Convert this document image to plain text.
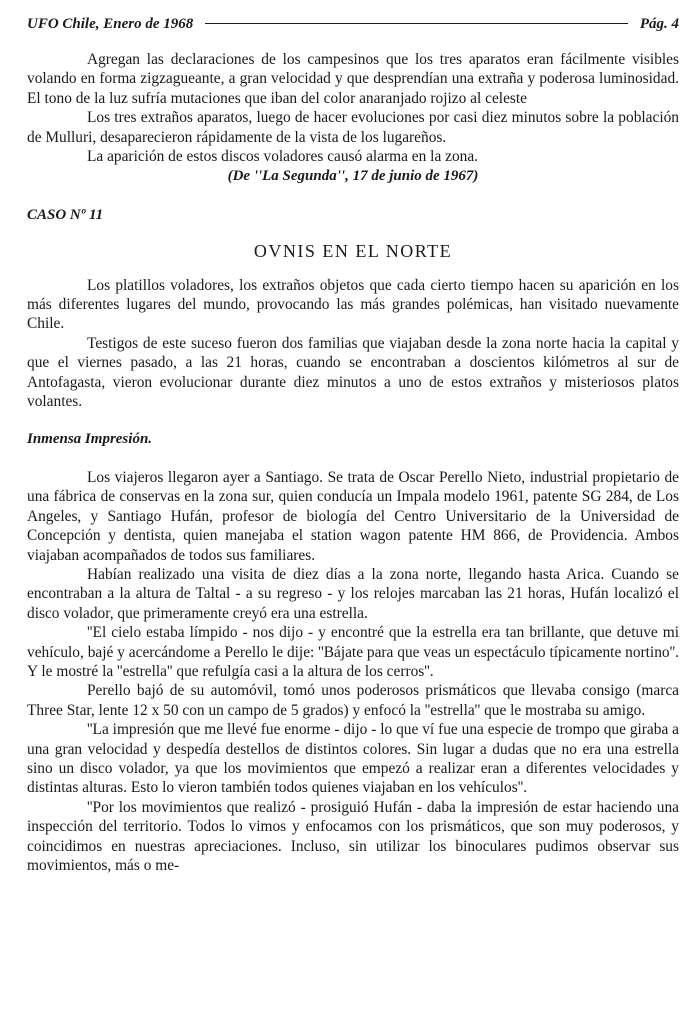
UFO Chile, Enero de 1968	Pág. 4

Agregan las declaraciones de los campesinos que los tres aparatos eran fácilmente visibles volando en forma zigzagueante, a gran velocidad y que desprendían una extraña y poderosa luminosidad. El tono de la luz sufría mutaciones que iban del color anaranjado rojizo al celeste

Los tres extraños aparatos, luego de hacer evoluciones por casi diez minutos sobre la población de Mulluri, desaparecieron rápidamente de la vista de los lugareños.

La aparición de estos discos voladores causó alarma en la zona.

(De ''La Segunda'', 17 de junio de 1967)

CASO Nº 11

OVNIS EN EL NORTE

Los platillos voladores, los extraños objetos que cada cierto tiempo hacen su aparición en los más diferentes lugares del mundo, provocando las más grandes polémicas, han visitado nuevamente Chile.

Testigos de este suceso fueron dos familias que viajaban desde la zona norte hacia la capital y que el viernes pasado, a las 21 horas, cuando se encontraban a doscientos kilómetros al sur de Antofagasta, vieron evolucionar durante diez minutos a uno de estos extraños y misteriosos platos volantes.

Inmensa Impresión.

Los viajeros llegaron ayer a Santiago. Se trata de Oscar Perello Nieto, industrial propietario de una fábrica de conservas en la zona sur, quien conducía un Impala modelo 1961, patente SG 284, de Los Angeles, y Santiago Hufán, profesor de biología del Centro Universitario de la Universidad de Concepción y dentista, quien manejaba el station wagon patente HM 866, de Providencia. Ambos viajaban acompañados de todos sus familiares.

Habían realizado una visita de diez días a la zona norte, llegando hasta Arica. Cuando se encontraban a la altura de Taltal - a su regreso - y los relojes marcaban las 21 horas, Hufán localizó el disco volador, que primeramente creyó era una estrella.

''El cielo estaba límpido - nos dijo - y encontré que la estrella era tan brillante, que detuve mi vehículo, bajé y acercándome a Perello le dije: ''Bájate para que veas un espectáculo típicamente nortino''. Y le mostré la ''estrella'' que refulgía casi a la altura de los cerros''.

Perello bajó de su automóvil, tomó unos poderosos prismáticos que llevaba consigo (marca Three Star, lente 12 x 50 con un campo de 5 grados) y enfocó la ''estrella'' que le mostraba su amigo.

''La impresión que me llevé fue enorme - dijo - lo que ví fue una especie de trompo que giraba a una gran velocidad y despedía destellos de distintos colores. Sin lugar a dudas que no era una estrella sino un disco volador, ya que los movimientos que empezó a realizar eran a diferentes velocidades y distintas alturas. Esto lo vieron también todos quienes viajaban en los vehículos''.

''Por los movimientos que realizó - prosiguió Hufán - daba la impresión de estar haciendo una inspección del territorio. Todos lo vimos y enfocamos con los prismáticos, que son muy poderosos, y coincidimos en nuestras apreciaciones. Incluso, sin utilizar los binoculares pudimos observar sus movimientos, más o me-
